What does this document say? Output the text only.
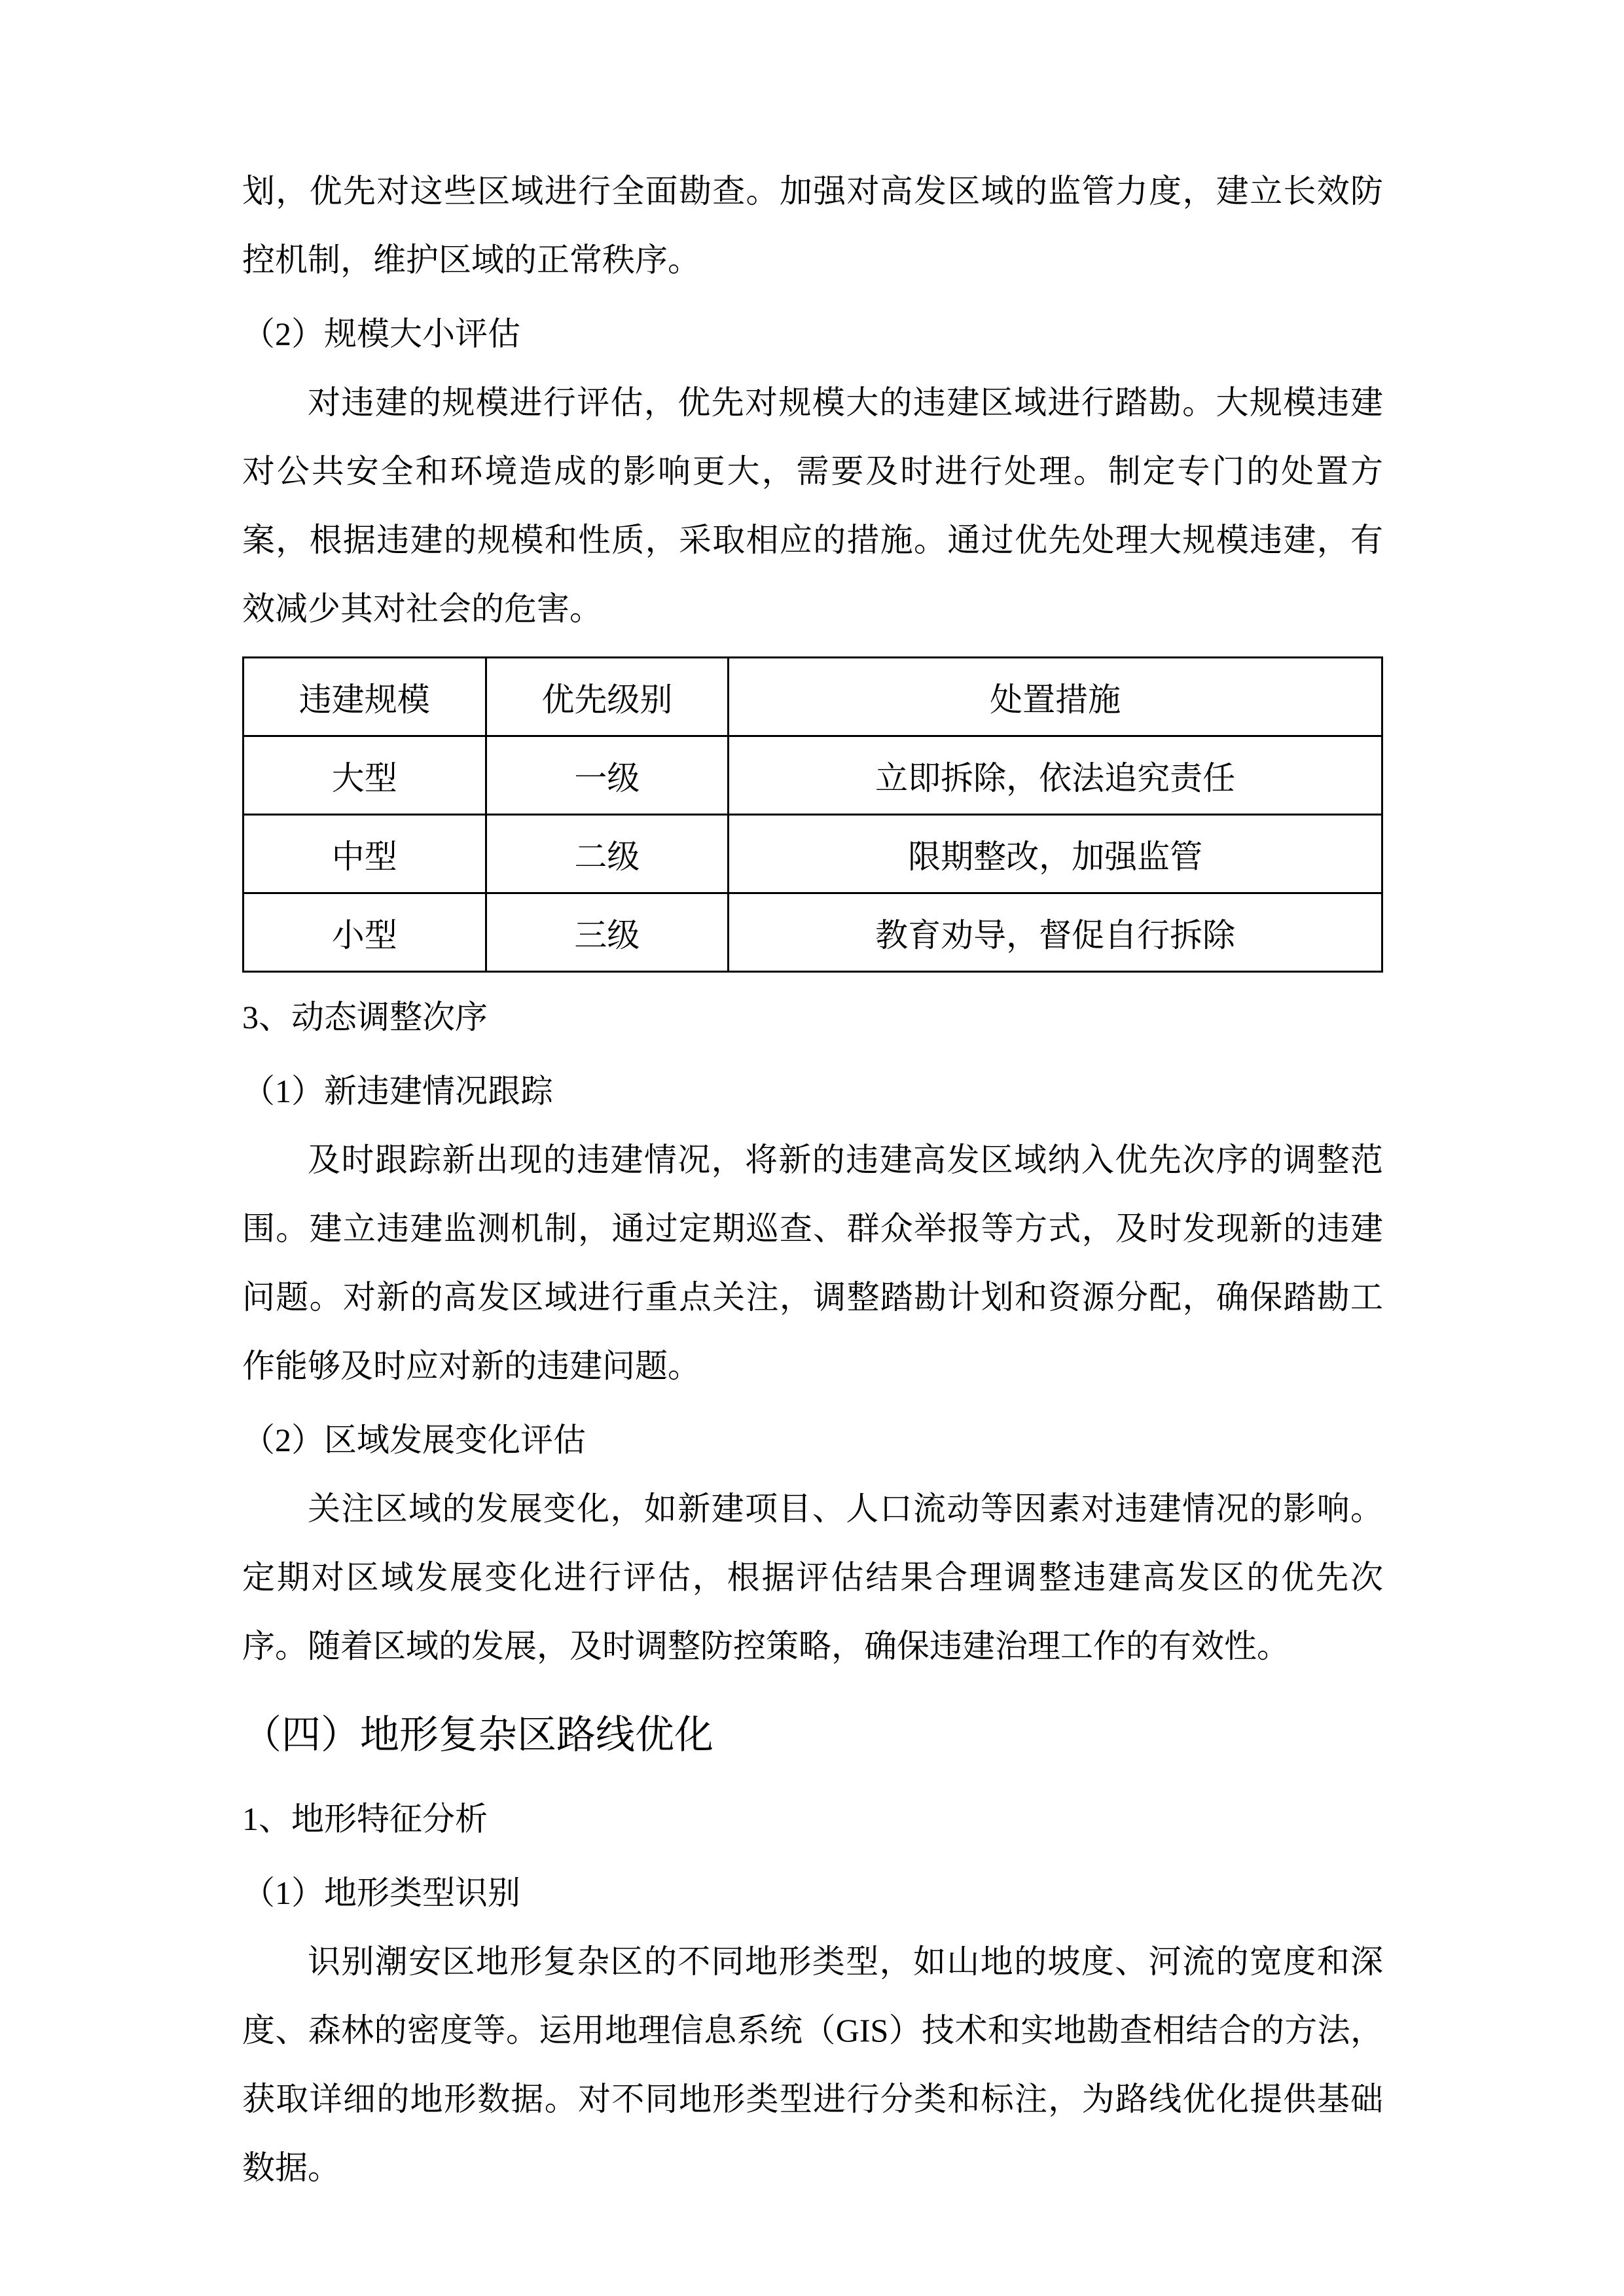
划，优先对这些区域进行全面勘查。加强对高发区域的监管力度，建立长效防控机制，维护区域的正常秩序。

（2）规模大小评估

对违建的规模进行评估，优先对规模大的违建区域进行踏勘。大规模违建对公共安全和环境造成的影响更大，需要及时进行处理。制定专门的处置方案，根据违建的规模和性质，采取相应的措施。通过优先处理大规模违建，有效减少其对社会的危害。

违建规模	优先级别	处置措施
大型	一级	立即拆除，依法追究责任
中型	二级	限期整改，加强监管
小型	三级	教育劝导，督促自行拆除

3、动态调整次序

（1）新违建情况跟踪

及时跟踪新出现的违建情况，将新的违建高发区域纳入优先次序的调整范围。建立违建监测机制，通过定期巡查、群众举报等方式，及时发现新的违建问题。对新的高发区域进行重点关注，调整踏勘计划和资源分配，确保踏勘工作能够及时应对新的违建问题。

（2）区域发展变化评估

关注区域的发展变化，如新建项目、人口流动等因素对违建情况的影响。定期对区域发展变化进行评估，根据评估结果合理调整违建高发区的优先次序。随着区域的发展，及时调整防控策略，确保违建治理工作的有效性。

（四）地形复杂区路线优化

1、地形特征分析

（1）地形类型识别

识别潮安区地形复杂区的不同地形类型，如山地的坡度、河流的宽度和深度、森林的密度等。运用地理信息系统（GIS）技术和实地勘查相结合的方法，获取详细的地形数据。对不同地形类型进行分类和标注，为路线优化提供基础数据。
